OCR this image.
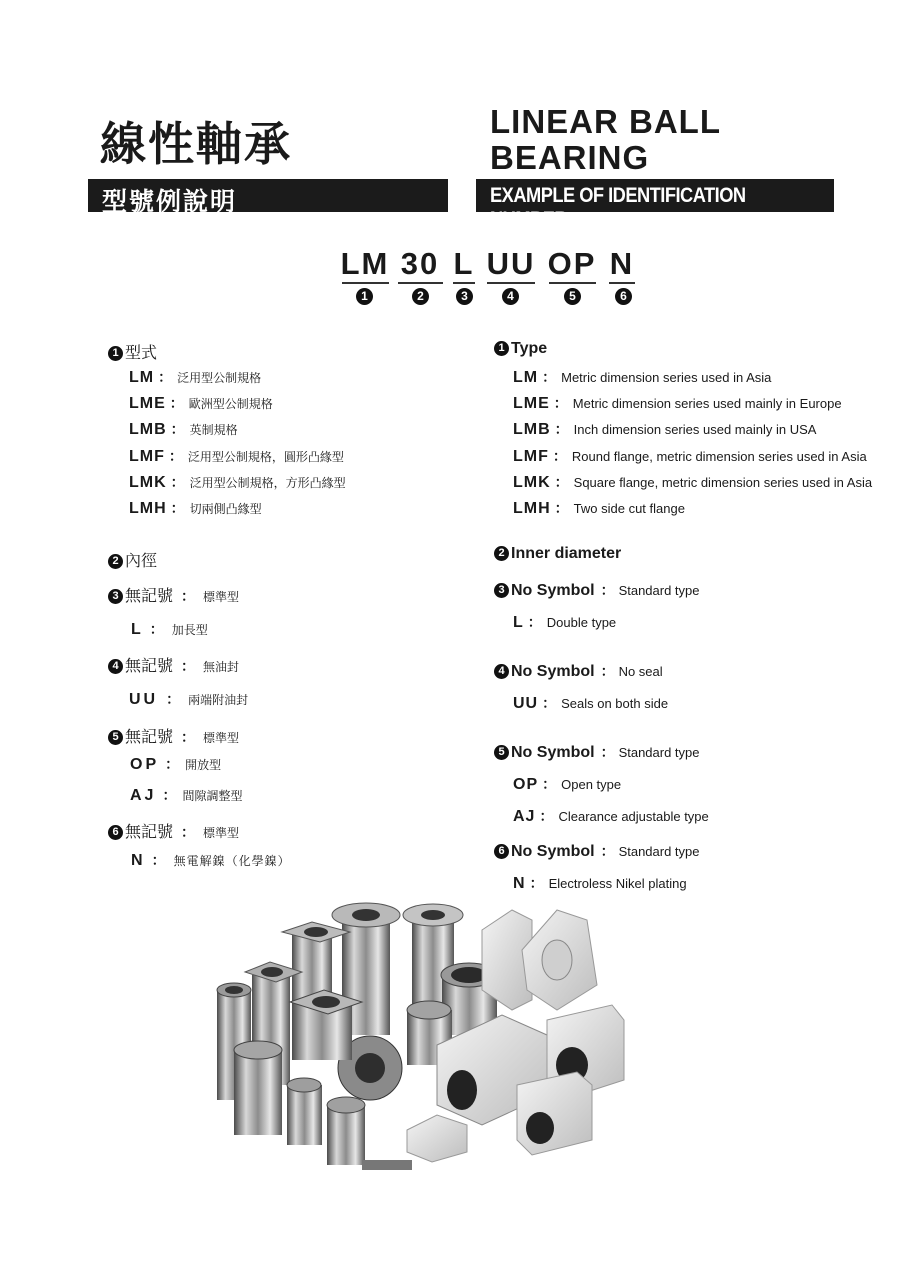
線性軸承	LINEAR BALL
BEARING
型號例說明	EXAMPLE OF IDENTIFICATION NUMBER
LM 30 L UU OP N
1	2	3	4	5	6
1 型式
LM ： 泛用型公制規格
LME ： 歐洲型公制規格
LMB ： 英制規格
LMF ： 泛用型公制規格，圓形凸緣型
LMK ： 泛用型公制規格，方形凸緣型
LMH ： 切兩側凸緣型
2 內徑
3 無記號 ： 標準型
L ： 加長型
4 無記號 ： 無油封
UU ： 兩端附油封
5 無記號 ： 標準型
OP ： 開放型
AJ ： 間隙調整型
6 無記號 ： 標準型
N ： 無電解鎳（化學鎳）
1 Type
LM ： Metric dimension series used in Asia
LME ： Metric dimension series used mainly in Europe
LMB ： Inch dimension series used mainly in USA
LMF ： Round flange, metric dimension series used in Asia
LMK ： Square flange, metric dimension series used in Asia
LMH ： Two side cut flange
2 Inner diameter
3 No Symbol ： Standard type
L ： Double type
4 No Symbol ： No seal
UU ： Seals on both side
5 No Symbol ： Standard type
OP ： Open type
AJ ： Clearance adjustable type
6 No Symbol ： Standard type
N ： Electroless Nikel plating
